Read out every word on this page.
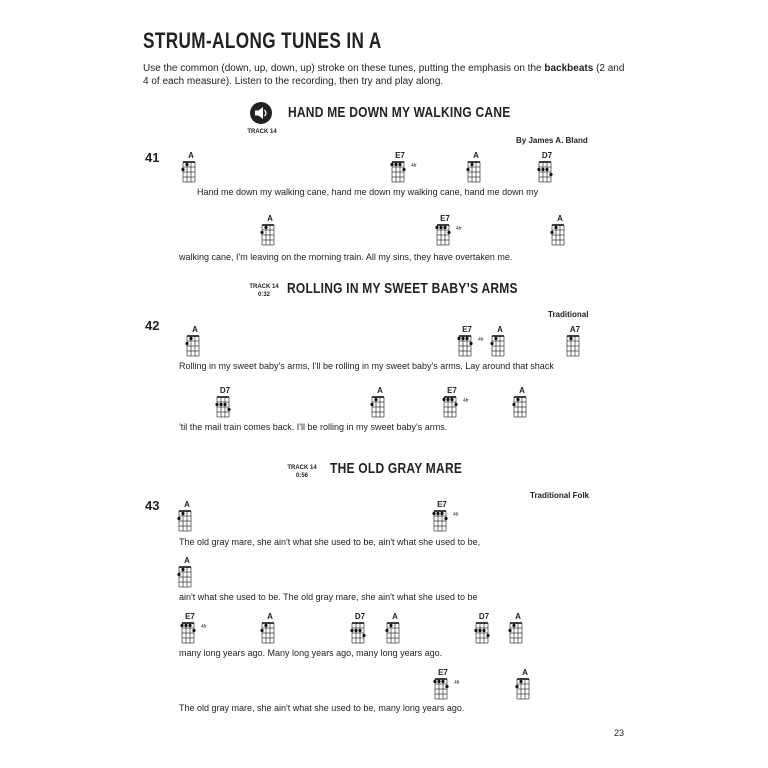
STRUM-ALONG TUNES IN A
Use the common (down, up, down, up) stroke on these tunes, putting the emphasis on the backbeats (2 and 4 of each measure). Listen to the recording, then try and play along.
TRACK 14
HAND ME DOWN MY WALKING CANE
By James A. Bland
41	A	E7
4fr
A	D7
Hand me down my walking cane, hand me down my walking cane, hand me down my
A	E7
4fr
A
walking cane, I'm leaving on the morning train. All my sins, they have overtaken me.
TRACK 14
0:32	ROLLING IN MY SWEET BABY’S ARMS
Traditional
42	A	E7
4fr
A	A7
Rolling in my sweet baby's arms, I'll be rolling in my sweet baby's arms. Lay around that shack
D7	A	E7
4fr
A
'til the mail train comes back. I'll be rolling in my sweet baby's arms.
TRACK 14
0:56	THE OLD GRAY MARE
Traditional Folk
43	A	E7
4fr
The old gray mare, she ain't what she used to be, ain't what she used to be,
A
ain't what she used to be. The old gray mare, she ain't what she used to be
E7
4fr
A	D7	A	D7	A
many long years ago. Many long years ago, many long years ago.
E7
4fr
A
The old gray mare, she ain't what she used to be, many long years ago.
23
